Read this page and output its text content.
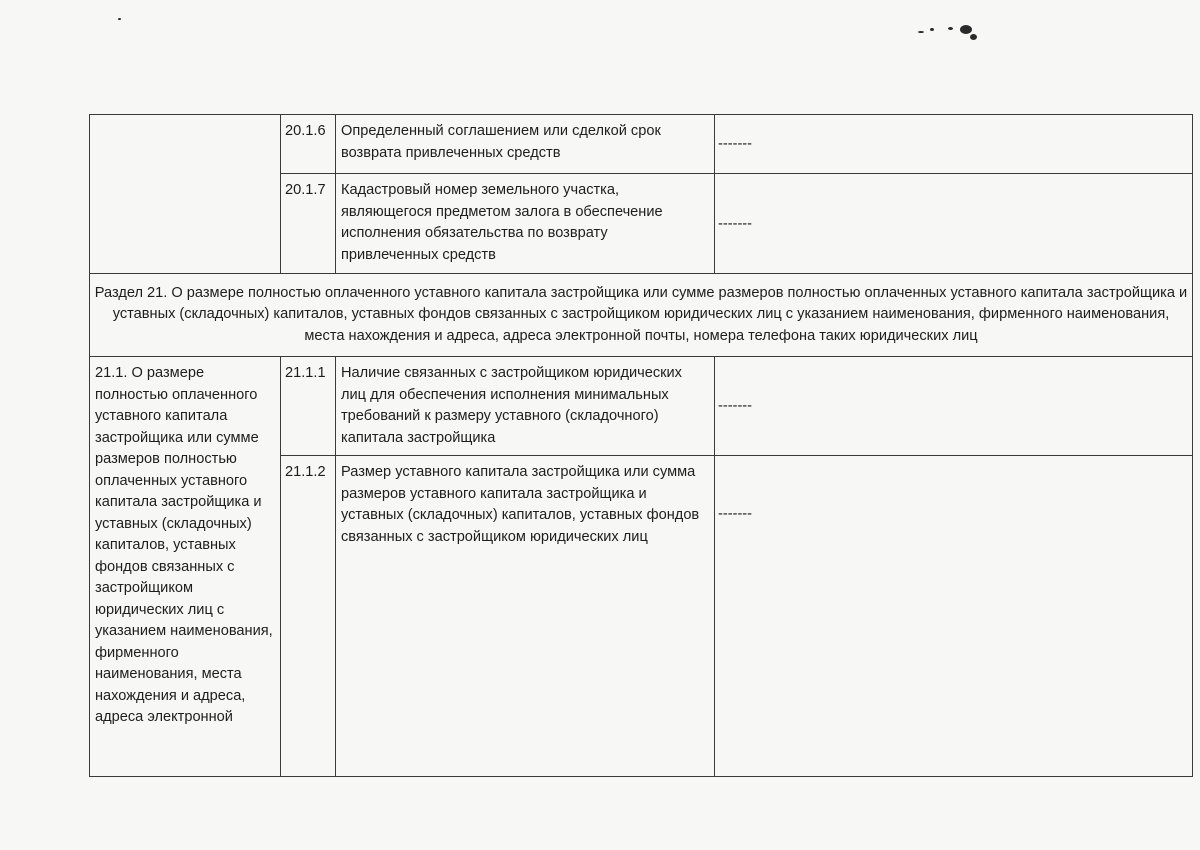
	20.1.6	Определенный соглашением или сделкой срок возврата привлеченных средств	-------
	20.1.7	Кадастровый номер земельного участка, являющегося предметом залога в обеспечение исполнения обязательства по возврату привлеченных средств	-------
Раздел 21. О размере полностью оплаченного уставного капитала застройщика или сумме размеров полностью оплаченных уставного капитала застройщика и уставных (складочных) капиталов, уставных фондов связанных с застройщиком юридических лиц с указанием наименования, фирменного наименования, места нахождения и адреса, адреса электронной почты, номера телефона таких юридических лиц			
21.1. О размере полностью оплаченного уставного капитала застройщика или сумме размеров полностью оплаченных уставного капитала застройщика и уставных (складочных) капиталов, уставных фондов связанных с застройщиком юридических лиц с указанием наименования, фирменного наименования, места нахождения и адреса, адреса электронной	21.1.1	Наличие связанных с застройщиком юридических лиц для обеспечения исполнения минимальных требований к размеру уставного (складочного) капитала застройщика	-------
	21.1.2	Размер уставного капитала застройщика или сумма размеров уставного капитала застройщика и уставных (складочных) капиталов, уставных фондов связанных с застройщиком юридических лиц	-------
